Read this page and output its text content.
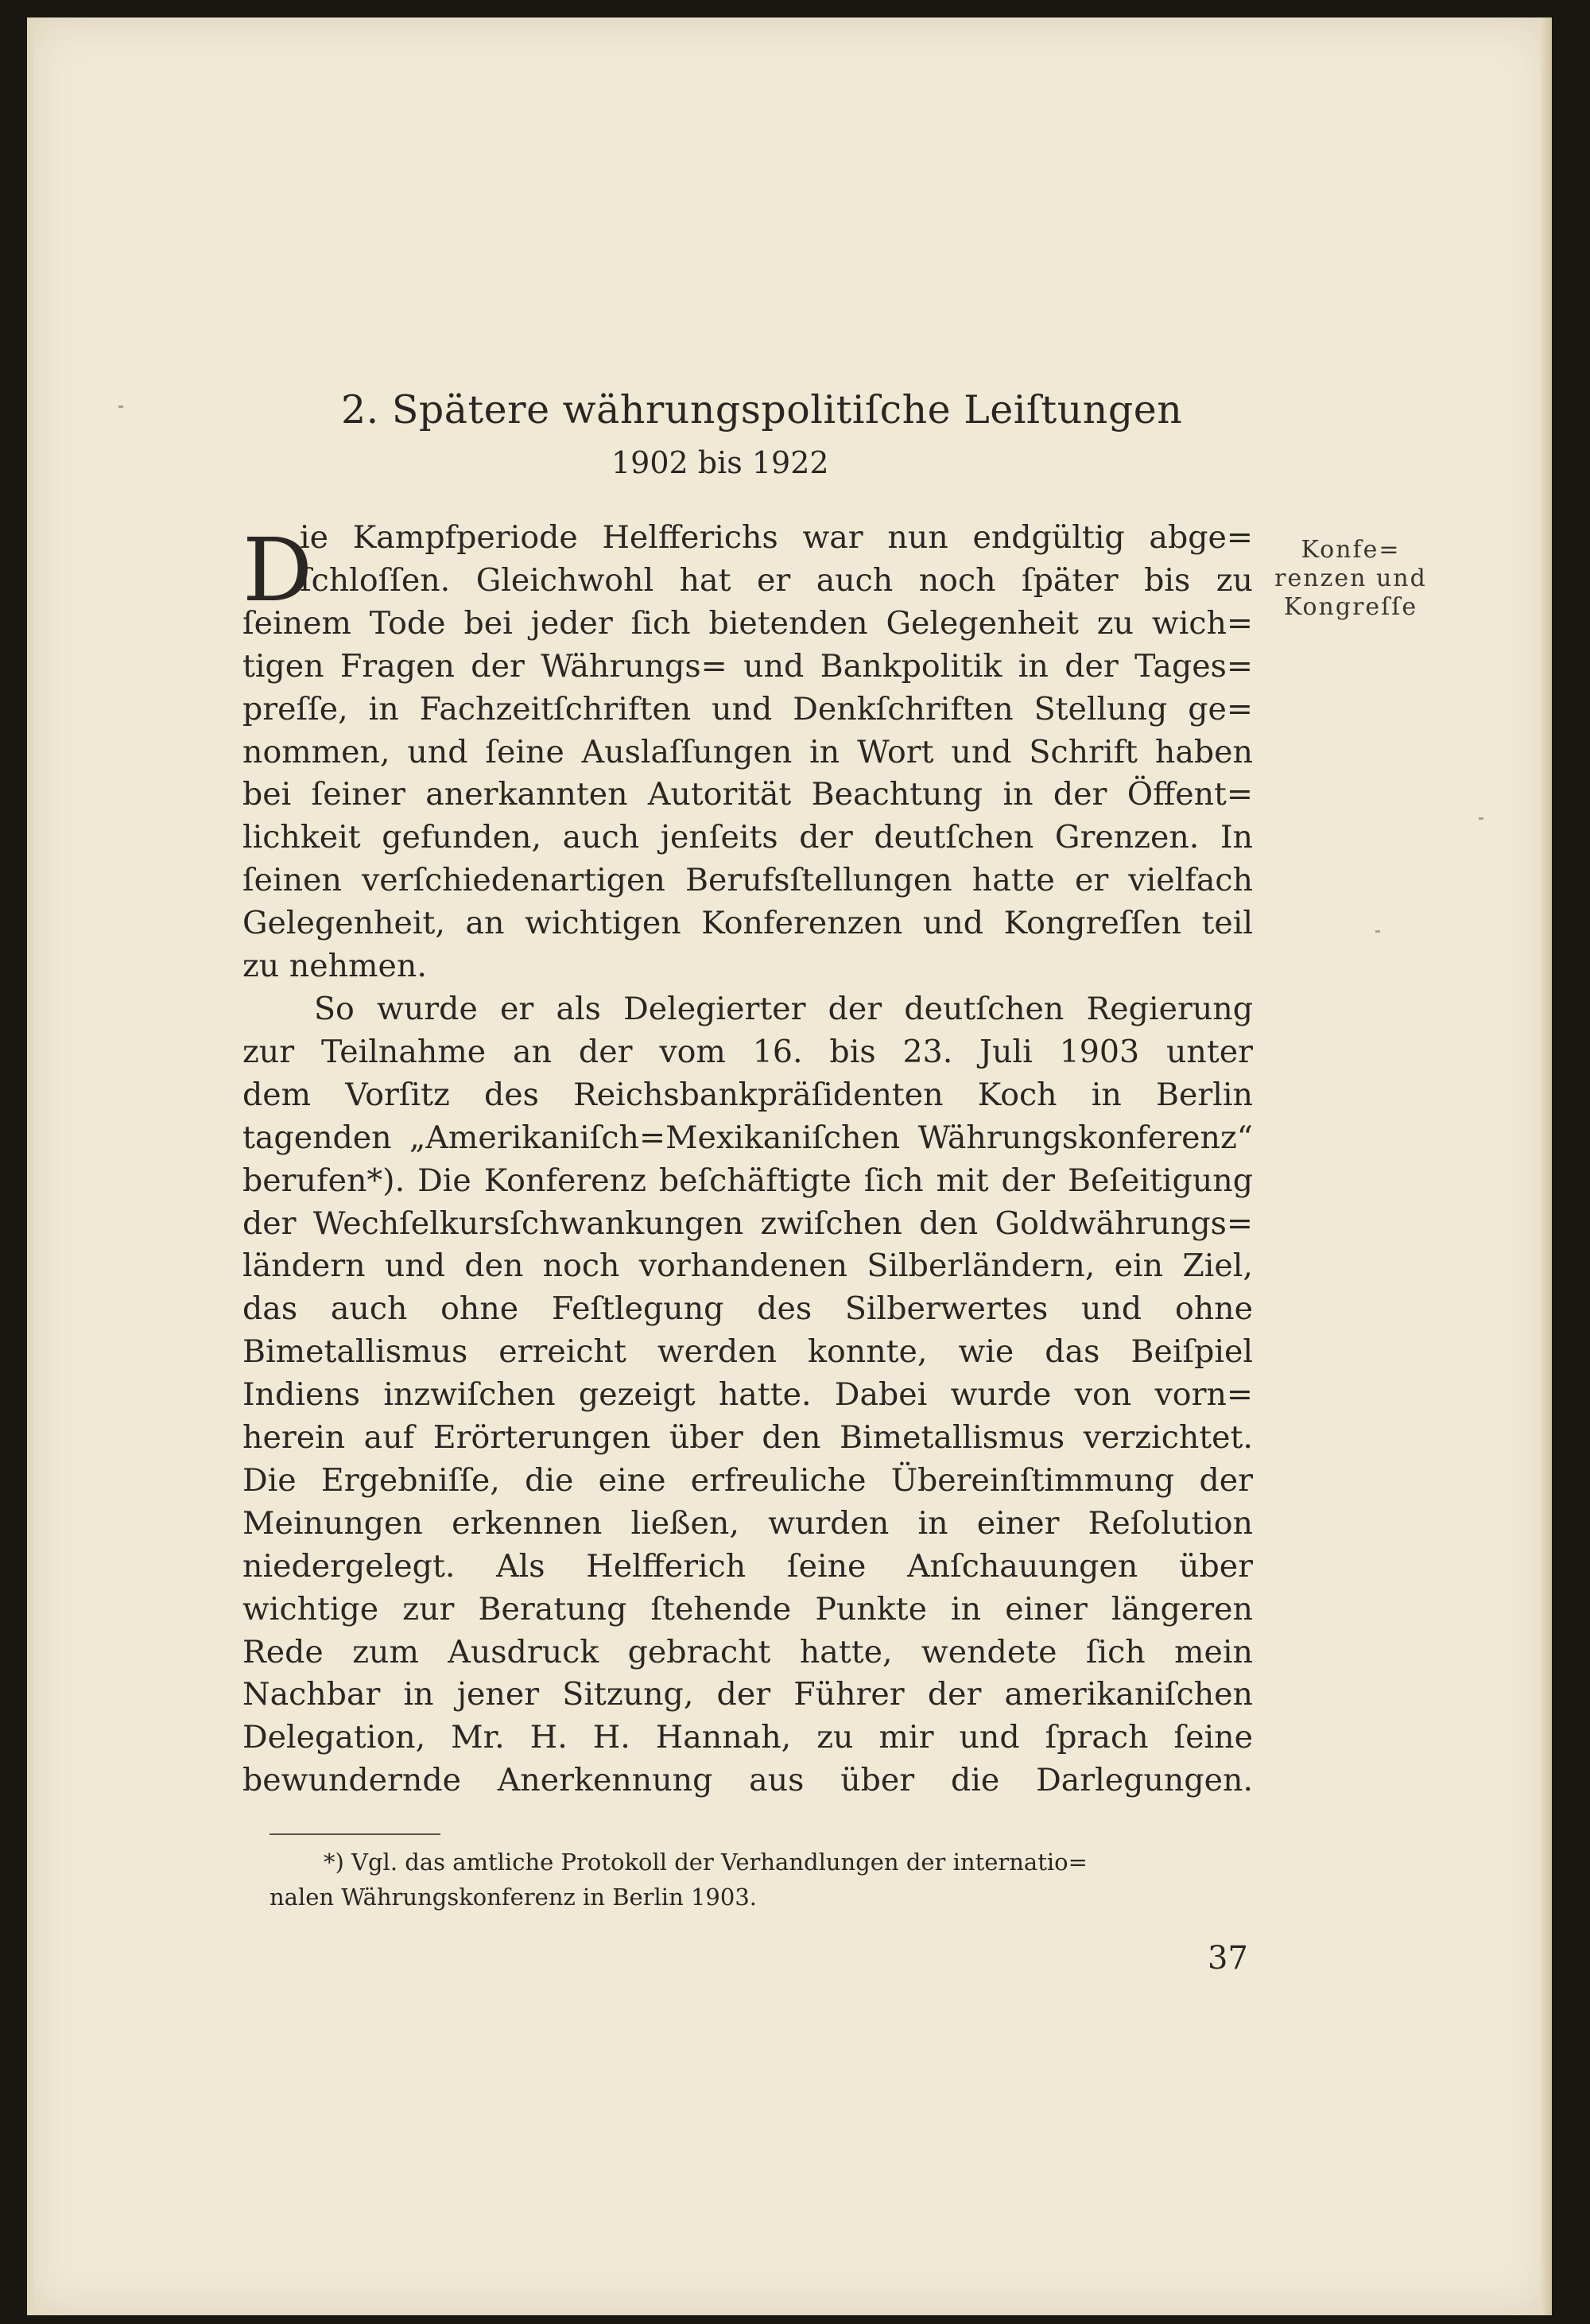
2. Spätere währungspolitiſche Leiſtungen
1902 bis 1922
D	Konfe=
renzen und
Kongreſſe
ie Kampfperiode Helfferichs war nun endgültig abge=
ſchloſſen. Gleichwohl hat er auch noch ſpäter bis zu
ſeinem Tode bei jeder ſich bietenden Gelegenheit zu wich=
tigen Fragen der Währungs= und Bankpolitik in der Tages=
preſſe, in Fachzeitſchriften und Denkſchriften Stellung ge=
nommen, und ſeine Auslaſſungen in Wort und Schrift haben
bei ſeiner anerkannten Autorität Beachtung in der Öffent=
lichkeit gefunden, auch jenſeits der deutſchen Grenzen. In
ſeinen verſchiedenartigen Berufsſtellungen hatte er vielfach
Gelegenheit, an wichtigen Konferenzen und Kongreſſen teil
zu nehmen.
So wurde er als Delegierter der deutſchen Regierung
zur Teilnahme an der vom 16. bis 23. Juli 1903 unter
dem Vorſitz des Reichsbankpräſidenten Koch in Berlin
tagenden „Amerikaniſch=Mexikaniſchen Währungskonferenz“
berufen*). Die Konferenz beſchäftigte ſich mit der Beſeitigung
der Wechſelkursſchwankungen zwiſchen den Goldwährungs=
ländern und den noch vorhandenen Silberländern, ein Ziel,
das auch ohne Feſtlegung des Silberwertes und ohne
Bimetallismus erreicht werden konnte, wie das Beiſpiel
Indiens inzwiſchen gezeigt hatte. Dabei wurde von vorn=
herein auf Erörterungen über den Bimetallismus verzichtet.
Die Ergebniſſe, die eine erfreuliche Übereinſtimmung der
Meinungen erkennen ließen, wurden in einer Reſolution
niedergelegt. Als Helfferich ſeine Anſchauungen über
wichtige zur Beratung ſtehende Punkte in einer längeren
Rede zum Ausdruck gebracht hatte, wendete ſich mein
Nachbar in jener Sitzung, der Führer der amerikaniſchen
Delegation, Mr. H. H. Hannah, zu mir und ſprach ſeine
bewundernde Anerkennung aus über die Darlegungen.
*) Vgl. das amtliche Protokoll der Verhandlungen der internatio=
nalen Währungskonferenz in Berlin 1903.
37
